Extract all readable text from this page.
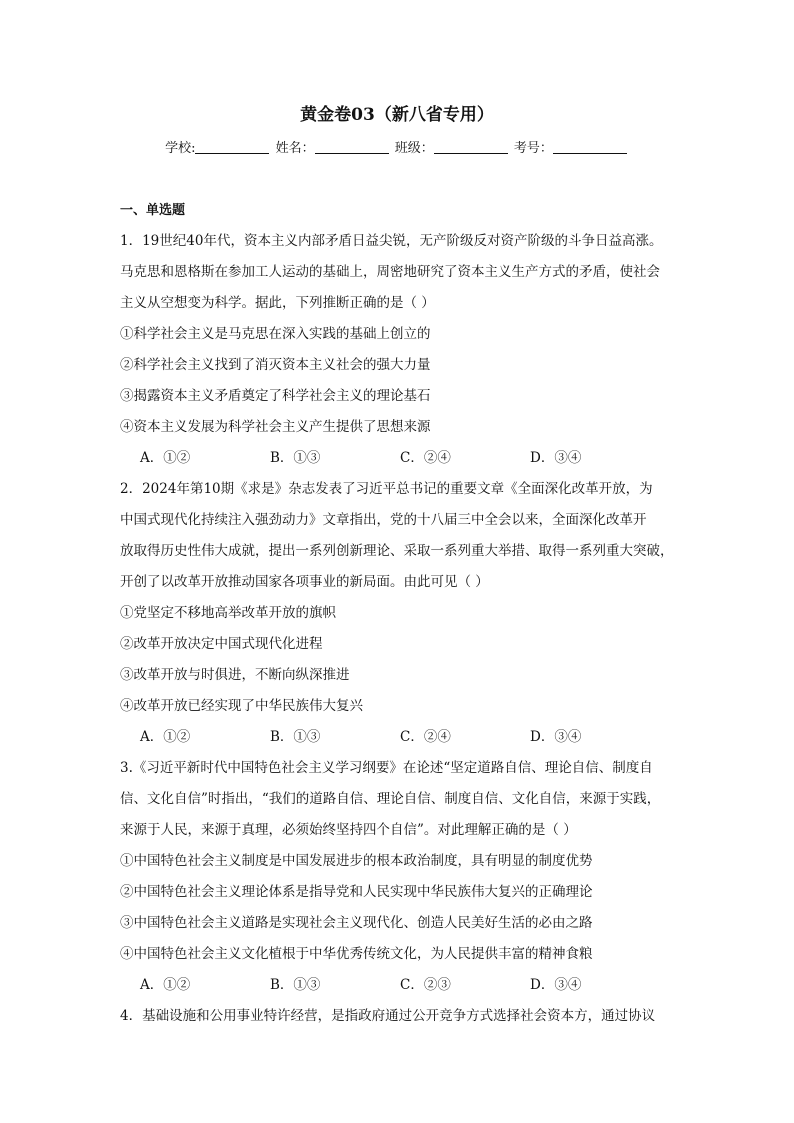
黄金卷03（新八省专用）
学校:	姓名：	班级：	考号：
一、单选题
1．19世纪40年代，资本主义内部矛盾日益尖锐，无产阶级反对资产阶级的斗争日益高涨。
马克思和恩格斯在参加工人运动的基础上，周密地研究了资本主义生产方式的矛盾，使社会
主义从空想变为科学。据此，下列推断正确的是（ ）
①科学社会主义是马克思在深入实践的基础上创立的
②科学社会主义找到了消灭资本主义社会的强大力量
③揭露资本主义矛盾奠定了科学社会主义的理论基石
④资本主义发展为科学社会主义产生提供了思想来源
A．①②	B．①③	C．②④	D．③④
2．2024年第10期《求是》杂志发表了习近平总书记的重要文章《全面深化改革开放，为
中国式现代化持续注入强劲动力》文章指出，党的十八届三中全会以来，全面深化改革开
放取得历史性伟大成就，提出一系列创新理论、采取一系列重大举措、取得一系列重大突破，
开创了以改革开放推动国家各项事业的新局面。由此可见（ ）
①党坚定不移地高举改革开放的旗帜
②改革开放决定中国式现代化进程
③改革开放与时俱进，不断向纵深推进
④改革开放已经实现了中华民族伟大复兴
A．①②	B．①③	C．②④	D．③④
3.《习近平新时代中国特色社会主义学习纲要》在论述“坚定道路自信、理论自信、制度自
信、文化自信”时指出，“我们的道路自信、理论自信、制度自信、文化自信，来源于实践，
来源于人民，来源于真理，必须始终坚持四个自信”。对此理解正确的是（ ）
①中国特色社会主义制度是中国发展进步的根本政治制度，具有明显的制度优势
②中国特色社会主义理论体系是指导党和人民实现中华民族伟大复兴的正确理论
③中国特色社会主义道路是实现社会主义现代化、创造人民美好生活的必由之路
④中国特色社会主义文化植根于中华优秀传统文化，为人民提供丰富的精神食粮
A．①②	B．①③	C．②③	D．③④
4．基础设施和公用事业特许经营，是指政府通过公开竞争方式选择社会资本方，通过协议
